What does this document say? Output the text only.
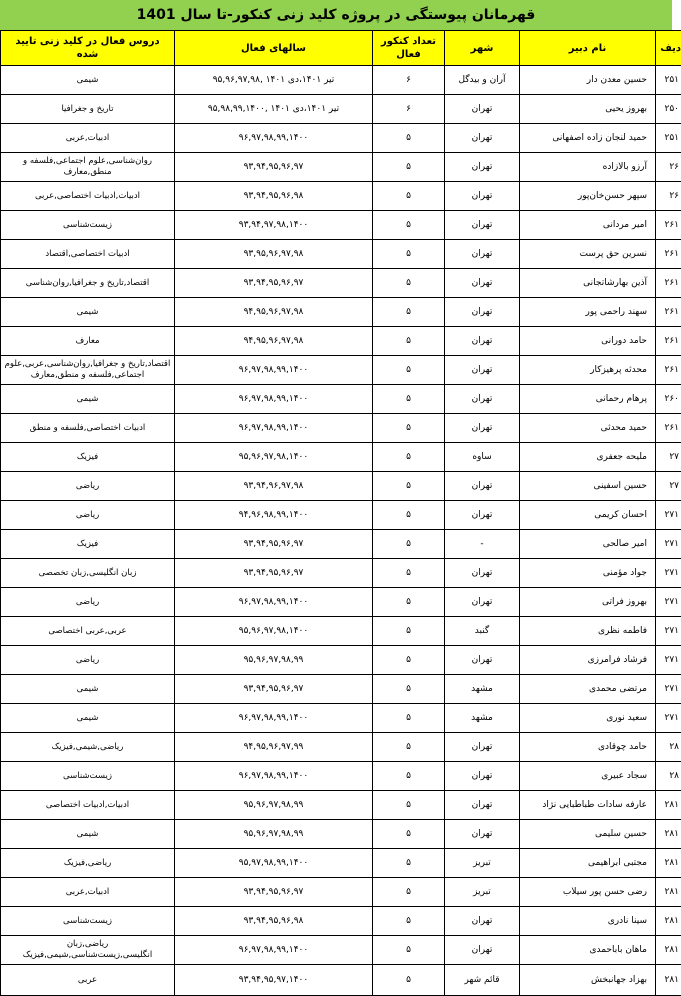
قهرمانان پیوستگی در پروژه کلید زنی کنکور-تا سال 1401
دیف	نام دبیر	شهر	تعداد کنکور فعال	سالهای فعال	دروس فعال در کلید زنی تایید شده
۲۵۱	حسین معدن دار	آران و بیدگل	۶	تیر ۱۴۰۱،دی ۱۴۰۱ ,۹۵,۹۶,۹۷,۹۸	شیمی
۲۵۰	بهروز یحیی	تهران	۶	تیر ۱۴۰۱،دی ۱۴۰۱ ,۹۵,۹۸,۹۹,۱۴۰۰	تاریخ و جغرافیا
۲۵۱	حمید لنجان زاده اصفهانی	تهران	۵	۹۶,۹۷,۹۸,۹۹,۱۴۰۰	ادبیات,عربی
۲۶	آرزو بالازاده	تهران	۵	۹۳,۹۴,۹۵,۹۶,۹۷	روان‌شناسی,علوم اجتماعی,فلسفه و منطق,معارف
۲۶	سپهر حسن‌خان‌پور	تهران	۵	۹۳,۹۴,۹۵,۹۶,۹۸	ادبیات,ادبیات اختصاصی,عربی
۲۶۱	امیر مردانی	تهران	۵	۹۳,۹۴,۹۷,۹۸,۱۴۰۰	زیست‌شناسی
۲۶۱	نسرین حق پرست	تهران	۵	۹۳,۹۵,۹۶,۹۷,۹۸	ادبیات اختصاصی,اقتصاد
۲۶۱	آذین بهارشاتجانی	تهران	۵	۹۳,۹۴,۹۵,۹۶,۹۷	اقتصاد,تاریخ و جغرافیا,روان‌شناسی
۲۶۱	سهند راحمی پور	تهران	۵	۹۴,۹۵,۹۶,۹۷,۹۸	شیمی
۲۶۱	حامد دورانی	تهران	۵	۹۴,۹۵,۹۶,۹۷,۹۸	معارف
۲۶۱	محدثه پرهیزکار	تهران	۵	۹۶,۹۷,۹۸,۹۹,۱۴۰۰	اقتصاد,تاریخ و جغرافیا,روان‌شناسی,عربی,علوم اجتماعی,فلسفه و منطق,معارف
۲۶۰	پرهام رحمانی	تهران	۵	۹۶,۹۷,۹۸,۹۹,۱۴۰۰	شیمی
۲۶۱	حمید محدثی	تهران	۵	۹۶,۹۷,۹۸,۹۹,۱۴۰۰	ادبیات اختصاصی,فلسفه و منطق
۲۷	ملیحه جعفری	ساوه	۵	۹۵,۹۶,۹۷,۹۸,۱۴۰۰	فیزیک
۲۷	حسین اسفینی	تهران	۵	۹۳,۹۴,۹۶,۹۷,۹۸	ریاضی
۲۷۱	احسان کریمی	تهران	۵	۹۴,۹۶,۹۸,۹۹,۱۴۰۰	ریاضی
۲۷۱	امیر صالحی	-	۵	۹۳,۹۴,۹۵,۹۶,۹۷	فیزیک
۲۷۱	جواد مؤمنی	تهران	۵	۹۳,۹۴,۹۵,۹۶,۹۷	زبان انگلیسی,زبان تخصصی
۲۷۱	بهروز فراتی	تهران	۵	۹۶,۹۷,۹۸,۹۹,۱۴۰۰	ریاضی
۲۷۱	فاطمه نظری	گنبد	۵	۹۵,۹۶,۹۷,۹۸,۱۴۰۰	عربی,عربی اختصاصی
۲۷۱	فرشاد فرامرزی	تهران	۵	۹۵,۹۶,۹۷,۹۸,۹۹	ریاضی
۲۷۱	مرتضی محمدی	مشهد	۵	۹۳,۹۴,۹۵,۹۶,۹۷	شیمی
۲۷۱	سعید نوری	مشهد	۵	۹۶,۹۷,۹۸,۹۹,۱۴۰۰	شیمی
۲۸	حامد چوقادی	تهران	۵	۹۴,۹۵,۹۶,۹۷,۹۹	ریاضی,شیمی,فیزیک
۲۸	سجاد عبیری	تهران	۵	۹۶,۹۷,۹۸,۹۹,۱۴۰۰	زیست‌شناسی
۲۸۱	عارفه سادات طباطبایی نژاد	تهران	۵	۹۵,۹۶,۹۷,۹۸,۹۹	ادبیات,ادبیات اختصاصی
۲۸۱	حسین سلیمی	تهران	۵	۹۵,۹۶,۹۷,۹۸,۹۹	شیمی
۲۸۱	مجتبی ابراهیمی	تبریز	۵	۹۵,۹۷,۹۸,۹۹,۱۴۰۰	ریاضی,فیزیک
۲۸۱	رضی حسن پور سیلاب	تبریز	۵	۹۳,۹۴,۹۵,۹۶,۹۷	ادبیات,عربی
۲۸۱	سینا نادری	تهران	۵	۹۳,۹۴,۹۵,۹۶,۹۸	زیست‌شناسی
۲۸۱	ماهان باباحمدی	تهران	۵	۹۶,۹۷,۹۸,۹۹,۱۴۰۰	ریاضی,زبان انگلیسی,زیست‌شناسی,شیمی,فیزیک
۲۸۱	بهزاد جهانبخش	قائم شهر	۵	۹۳,۹۴,۹۵,۹۷,۱۴۰۰	عربی
